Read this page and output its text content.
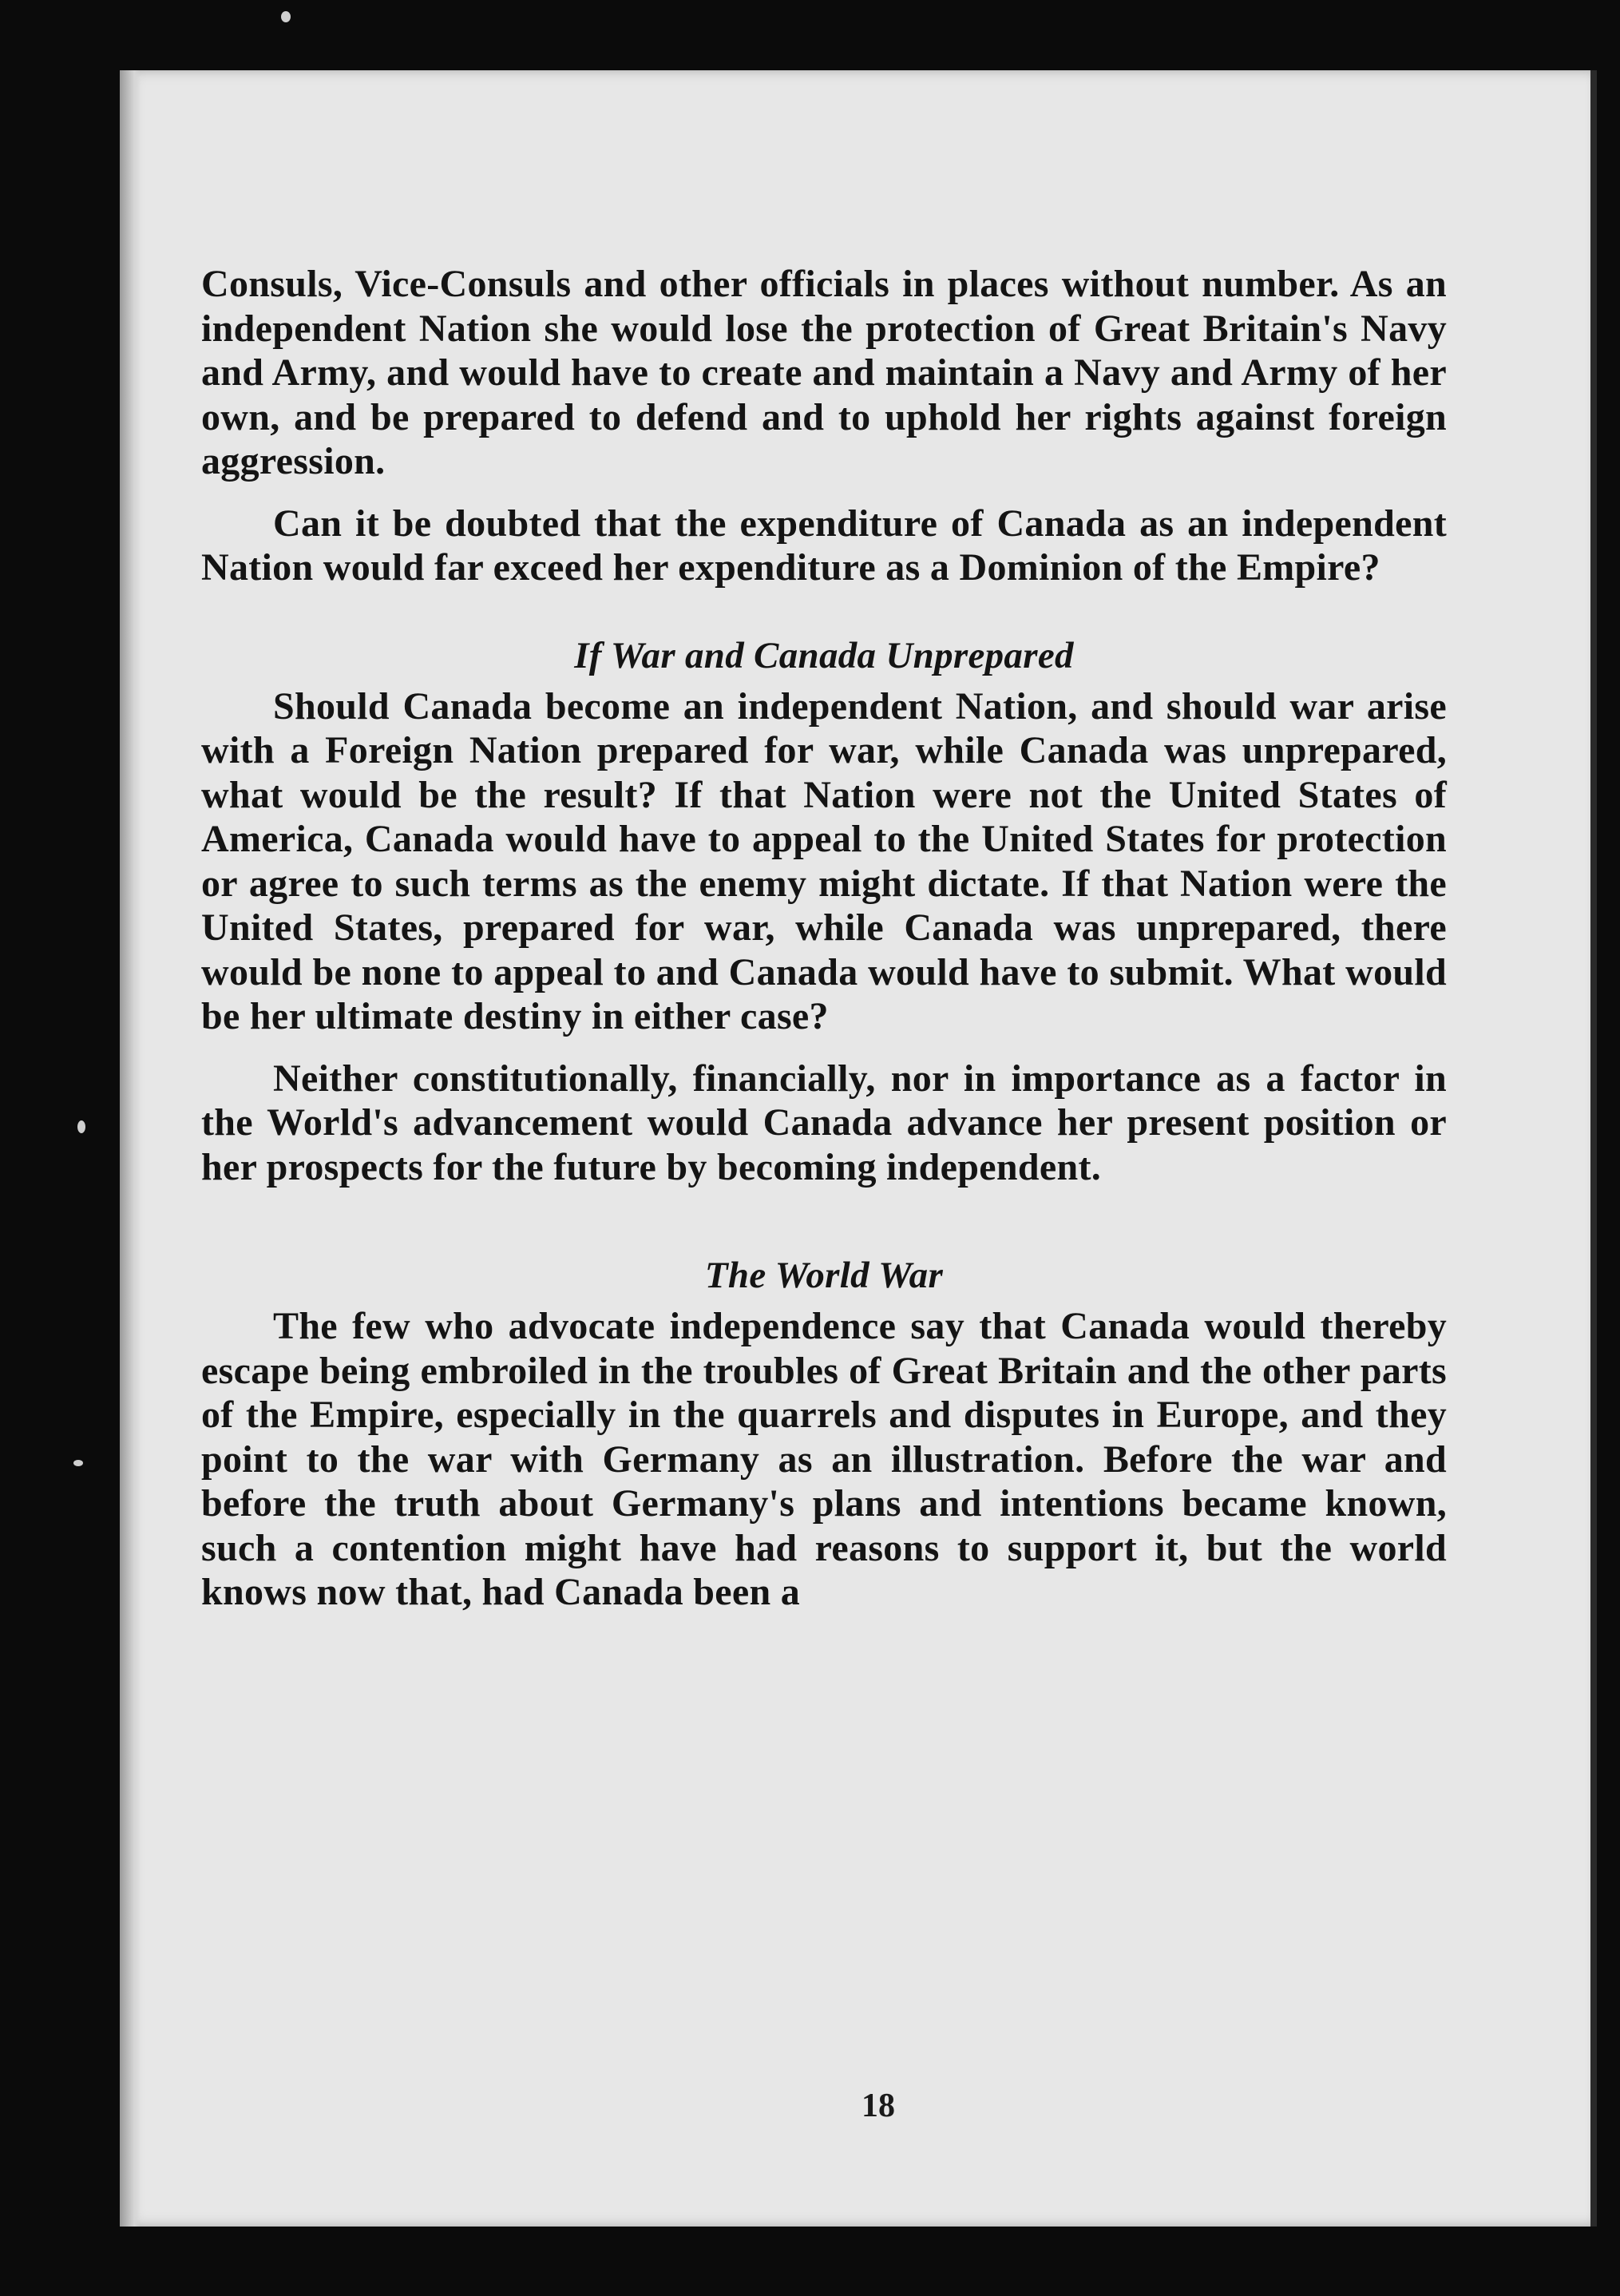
Consuls, Vice-Consuls and other officials in places without number. As an independent Nation she would lose the protection of Great Britain's Navy and Army, and would have to create and maintain a Navy and Army of her own, and be prepared to defend and to uphold her rights against foreign aggression.

Can it be doubted that the expenditure of Canada as an independent Nation would far exceed her expenditure as a Dominion of the Empire?

If War and Canada Unprepared

Should Canada become an independent Nation, and should war arise with a Foreign Nation prepared for war, while Canada was unprepared, what would be the result? If that Nation were not the United States of America, Canada would have to appeal to the United States for protection or agree to such terms as the enemy might dictate. If that Nation were the United States, prepared for war, while Canada was unprepared, there would be none to appeal to and Canada would have to submit. What would be her ultimate destiny in either case?

Neither constitutionally, financially, nor in importance as a factor in the World's advancement would Canada advance her present position or her prospects for the future by becoming independent.

The World War

The few who advocate independence say that Canada would thereby escape being embroiled in the troubles of Great Britain and the other parts of the Empire, especially in the quarrels and disputes in Europe, and they point to the war with Germany as an illustration. Before the war and before the truth about Germany's plans and intentions became known, such a contention might have had reasons to support it, but the world knows now that, had Canada been a

18
